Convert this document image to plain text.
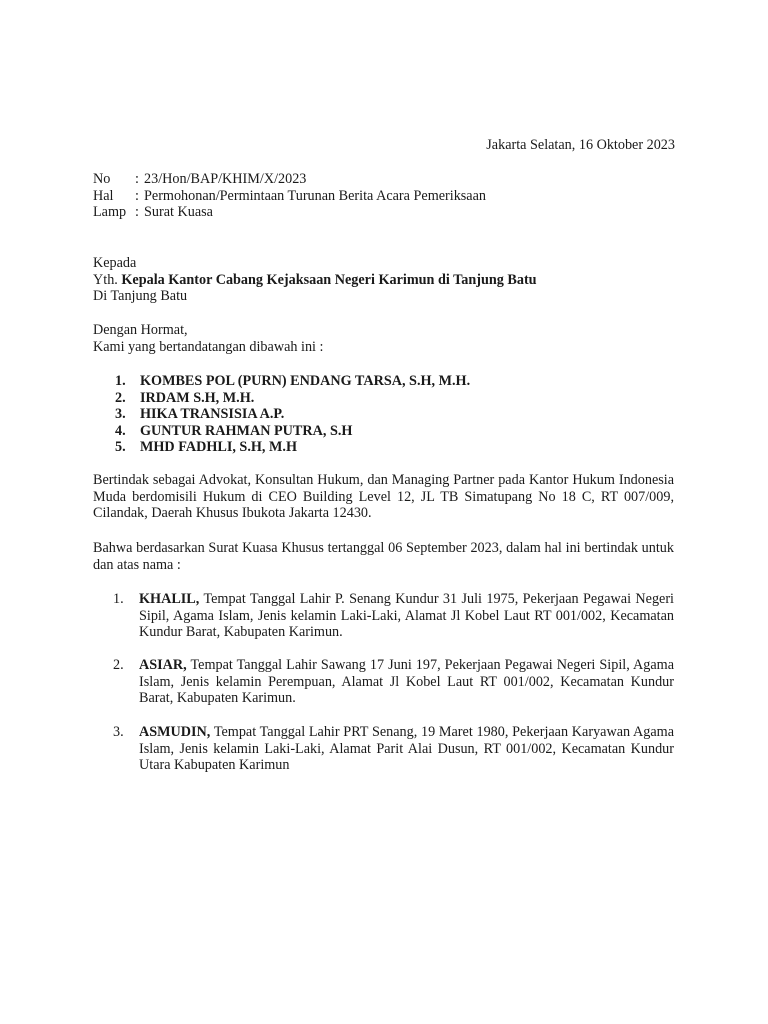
Jakarta Selatan, 16 Oktober 2023
No : 23/Hon/BAP/KHIM/X/2023
Hal : Permohonan/Permintaan Turunan Berita Acara Pemeriksaan
Lamp : Surat Kuasa
Kepada
Yth. Kepala Kantor Cabang Kejaksaan Negeri Karimun di Tanjung Batu
Di Tanjung Batu
Dengan Hormat,
Kami yang bertandatangan dibawah ini :
1. KOMBES POL (PURN) ENDANG TARSA, S.H, M.H.
2. IRDAM S.H, M.H.
3. HIKA TRANSISIA A.P.
4. GUNTUR RAHMAN PUTRA, S.H
5. MHD FADHLI, S.H, M.H
Bertindak sebagai Advokat, Konsultan Hukum, dan Managing Partner pada Kantor Hukum Indonesia Muda berdomisili Hukum di CEO Building Level 12, JL TB Simatupang No 18 C, RT 007/009, Cilandak, Daerah Khusus Ibukota Jakarta 12430.
Bahwa berdasarkan Surat Kuasa Khusus tertanggal 06 September 2023, dalam hal ini bertindak untuk dan atas nama :
1. KHALIL, Tempat Tanggal Lahir P. Senang Kundur 31 Juli 1975, Pekerjaan Pegawai Negeri Sipil, Agama Islam, Jenis kelamin Laki-Laki, Alamat Jl Kobel Laut RT 001/002, Kecamatan Kundur Barat, Kabupaten Karimun.
2. ASIAR, Tempat Tanggal Lahir Sawang 17 Juni 197, Pekerjaan Pegawai Negeri Sipil, Agama Islam, Jenis kelamin Perempuan, Alamat Jl Kobel Laut RT 001/002, Kecamatan Kundur Barat, Kabupaten Karimun.
3. ASMUDIN, Tempat Tanggal Lahir PRT Senang, 19 Maret 1980, Pekerjaan Karyawan Agama Islam, Jenis kelamin Laki-Laki, Alamat Parit Alai Dusun, RT 001/002, Kecamatan Kundur Utara Kabupaten Karimun
